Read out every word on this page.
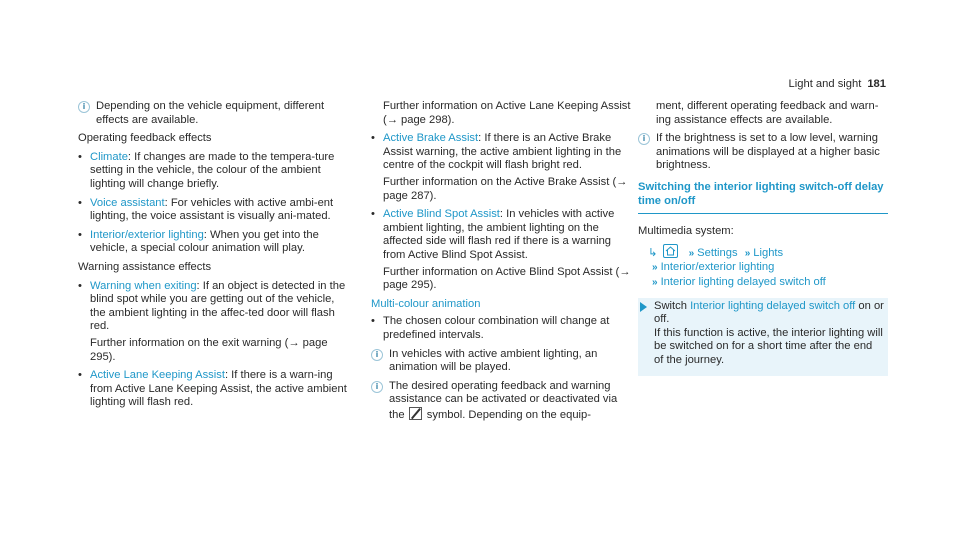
Light and sight 181
i Depending on the vehicle equipment, different effects are available.
Operating feedback effects
• Climate: If changes are made to the tempera-ture setting in the vehicle, the colour of the ambient lighting will change briefly.
• Voice assistant: For vehicles with active ambi-ent lighting, the voice assistant is visually ani-mated.
• Interior/exterior lighting: When you get into the vehicle, a special colour animation will play.
Warning assistance effects
• Warning when exiting: If an object is detected in the blind spot while you are getting out of the vehicle, the ambient lighting in the affec-ted door will flash red.
Further information on the exit warning (→ page 295).
• Active Lane Keeping Assist: If there is a warn-ing from Active Lane Keeping Assist, the active ambient lighting will flash red.
Further information on Active Lane Keeping Assist (→ page 298).
• Active Brake Assist: If there is an Active Brake Assist warning, the active ambient lighting in the centre of the cockpit will flash bright red.
Further information on the Active Brake Assist (→ page 287).
• Active Blind Spot Assist: In vehicles with active ambient lighting, the ambient lighting on the affected side will flash red if there is a warning from Active Blind Spot Assist.
Further information on Active Blind Spot Assist (→ page 295).
Multi-colour animation
• The chosen colour combination will change at predefined intervals.
i In vehicles with active ambient lighting, an animation will be played.
i The desired operating feedback and warning assistance can be activated or deactivated via the symbol. Depending on the equip-
ment, different operating feedback and warn-ing assistance effects are available.
i If the brightness is set to a low level, warning animations will be displayed at a higher basic brightness.
Switching the interior lighting switch-off delay time on/off
Multimedia system:
↳	» Settings » Lights
» Interior/exterior lighting
» Interior lighting delayed switch off
Switch Interior lighting delayed switch off on or off.
If this function is active, the interior lighting will be switched on for a short time after the end of the journey.
